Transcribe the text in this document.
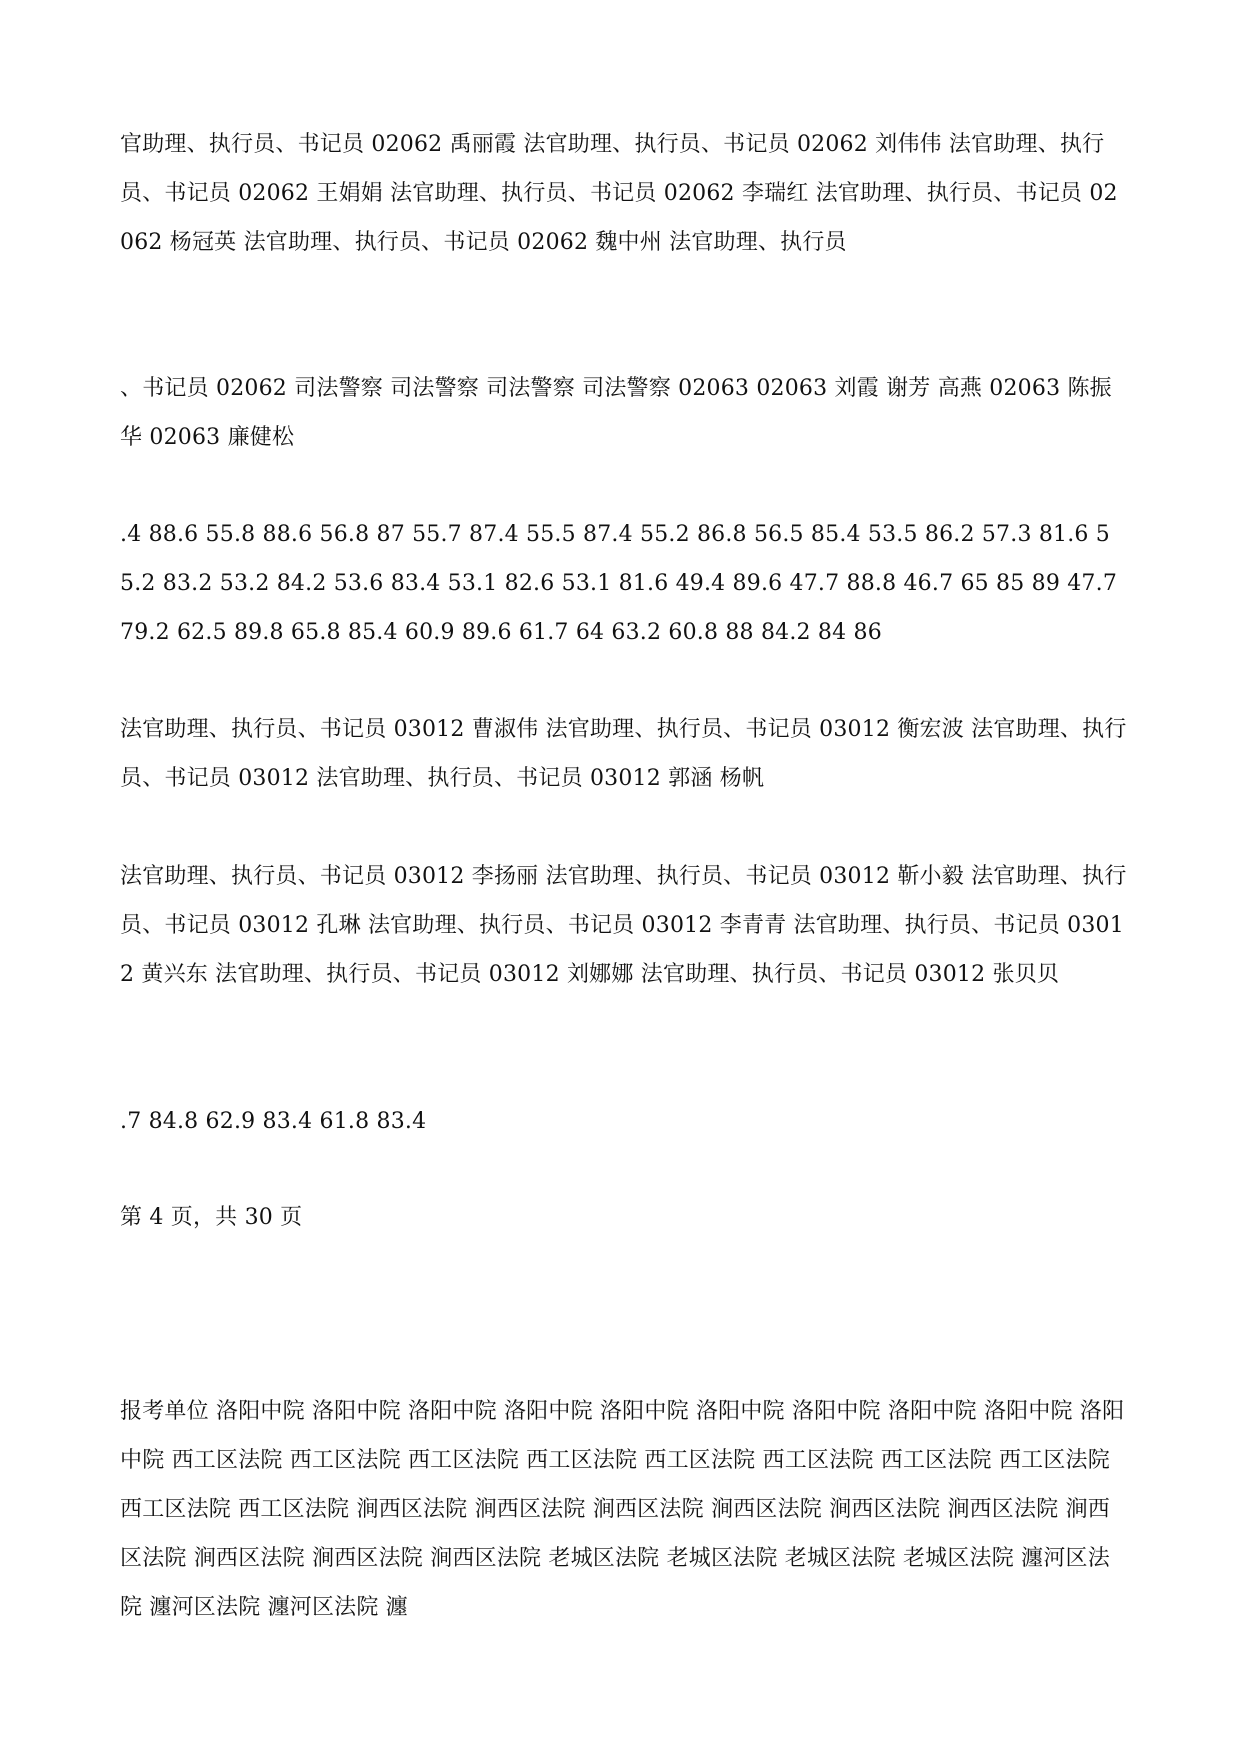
官助理、执行员、书记员 02062 禹丽霞 法官助理、执行员、书记员 02062 刘伟伟 法官助理、执行员、书记员 02062 王娟娟 法官助理、执行员、书记员 02062 李瑞红 法官助理、执行员、书记员 02062 杨冠英 法官助理、执行员、书记员 02062 魏中州 法官助理、执行员

、书记员 02062 司法警察 司法警察 司法警察 司法警察 02063 02063 刘霞 谢芳 高燕 02063 陈振华 02063 廉健松

.4 88.6 55.8 88.6 56.8 87 55.7 87.4 55.5 87.4 55.2 86.8 56.5 85.4 53.5 86.2 57.3 81.6 55.2 83.2 53.2 84.2 53.6 83.4 53.1 82.6 53.1 81.6 49.4 89.6 47.7 88.8 46.7 65 85 89 47.7 79.2 62.5 89.8 65.8 85.4 60.9 89.6 61.7 64 63.2 60.8 88 84.2 84 86

法官助理、执行员、书记员 03012 曹淑伟 法官助理、执行员、书记员 03012 衡宏波 法官助理、执行员、书记员 03012 法官助理、执行员、书记员 03012 郭涵 杨帆

法官助理、执行员、书记员 03012 李扬丽 法官助理、执行员、书记员 03012 靳小毅 法官助理、执行员、书记员 03012 孔琳 法官助理、执行员、书记员 03012 李青青 法官助理、执行员、书记员 03012 黄兴东 法官助理、执行员、书记员 03012 刘娜娜 法官助理、执行员、书记员 03012 张贝贝

.7 84.8 62.9 83.4 61.8 83.4

第 4 页，共 30 页

报考单位 洛阳中院 洛阳中院 洛阳中院 洛阳中院 洛阳中院 洛阳中院 洛阳中院 洛阳中院 洛阳中院 洛阳中院 西工区法院 西工区法院 西工区法院 西工区法院 西工区法院 西工区法院 西工区法院 西工区法院 西工区法院 西工区法院 涧西区法院 涧西区法院 涧西区法院 涧西区法院 涧西区法院 涧西区法院 涧西区法院 涧西区法院 涧西区法院 涧西区法院 老城区法院 老城区法院 老城区法院 老城区法院 瀍河区法院 瀍河区法院 瀍河区法院 瀍
